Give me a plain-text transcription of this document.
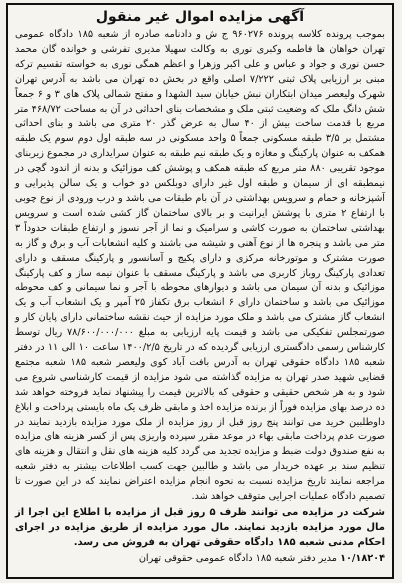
آگهی مزایده اموال غیر منقول

بموجب پرونده کلاسه پرونده ۹۶۰۲۷۶ ج ش و دادنامه صادره از شعبه ۱۸۵ دادگاه عمومی تهران خواهان ها فاطمه وکبری نوری به وکالت سهیلا مدیری تفرشی و خوانده گان محمد حسن نوری و جواد و عباس و علی اکبر وزهرا و اعظم همگی نوری به خواسته تقسیم ترکه مبنی بر ارزیابی پلاک ثبتی ۷/۲۲۲ اصلی واقع در بخش ده تهران می باشد به آدرس تهران شهرک ولیعصر میدان ابتکاران نبش خیابان سید الشهدا و مفتح شمالی پلاک های ۳ و ۶ جمعاً شش دانگ ملک که وضعیت ثبتی ملک و مشخصات بنای احداثی در آن به مساحت ۴۶۸/۷۲ متر مربع با قدمت ساخت بیش از ۴۰ سال به عرض گذر ۲۰ متری می باشد و بنای احداثی مشتمل بر ۳/۵ طبقه مسکونی جمعاً ۵ واحد مسکونی در سه طبقه اول دوم سوم یک طبقه همکف به عنوان پارکینگ و مغازه و یک طبقه نیم طبقه به عنوان سرایداری در مجموع زیربنای موجود تقریبی ۸۸۰ متر مربع که طبقه همکف و پوشش کف موزائیک و بدنه از اندود گچی در نیمطبقه ای از سیمان و طبقه اول غیر دارای دوبلکس دو خواب و یک سالن پذیرایی و آشپزخانه و حمام و سرویس بهداشتی در آن بام طبقات می باشد و درب ورودی از نوع چوبی با ارتفاع ۲ متری با پوشش ایرانیت و بر بالای ساختمان گاز کشی شده است و سرویس بهداشتی ساختمان به صورت کاشی و سرامیک و نما از آجر نسوز و ارتفاع طبقات حدوداً ۳ متر می باشد و پنجره ها از نوع آهنی و شیشه می باشند و کلیه انشعابات آب و برق و گاز به صورت مشترک و موتورخانه مرکزی و دارای پکیج و آسانسور و پارکینگ مسقف و دارای تعدادی پارکینگ روباز کاربری می باشد و پارکینگ مسقف با عنوان نیمه ساز و کف پارکینگ موزائیک و بدنه آن سیمان می باشد و دیوارهای محوطه با آجر و نما سیمانی و کف محوطه موزائیک می باشد و ساختمان دارای ۶ انشعاب برق تکفاز ۲۵ آمپر و یک انشعاب آب و یک انشعاب گاز مشترک می باشد و ملک مورد مزایده از حیث نقشه ساختمانی دارای پایان کار و صورتمجلس تفکیکی می باشد و قیمت پایه ارزیابی به مبلغ ۷۸/۶۰۰/۰۰۰/۰۰۰ ریال توسط کارشناس رسمی دادگستری ارزیابی گردیده که در تاریخ ۱۴۰۰/۲/۵ ساعت ۱۰ الی ۱۱ در دفتر شعبه ۱۸۵ دادگاه حقوقی تهران به آدرس بافت آباد کوی ولیعصر شعبه ۱۸۵ شعبه مجتمع قضایی شهید صدر تهران به مزایده گذاشته می شود مزایده از قیمت کارشناسی شروع می شود و به هر شخص حقیقی و حقوقی که بالاترین قیمت را پیشنهاد نماید فروخته خواهد شد ده درصد بهای مزایده فوراً از برنده مزایده اخذ و مابقی ظرف یک ماه بایستی پرداخت و ابلاغ داوطلبین خرید می توانند پنج روز قبل از روز مزایده از ملک مورد مزایده بازدید نمایند در صورت عدم پرداخت مابقی بهاء در موعد مقرر سپرده واریزی پس از کسر هزینه های مزایده به نفع صندوق دولت ضبط و مزایده تجدید می گردد کلیه هزینه های نقل و انتقال و هزینه های تنظیم سند بر عهده خریدار می باشد و طالبین جهت کسب اطلاعات بیشتر به دفتر شعبه مراجعه نمایند تاریخ مزایده نسبت به نحوه انجام مزایده اعتراض نمایند که در این صورت تا تصمیم دادگاه عملیات اجرایی متوقف خواهد شد.

شرکت در مزایده می توانند ظرف ۵ روز قبل از مزایده با اطلاع این اجرا از مال مورد مزایده بازدید نمایند. مال مورد مزایده از طریق مزایده در اجرای احکام مدنی شعبه ۱۸۵ دادگاه حقوقی تهران به فروش می رسد.

۱۰/۱۸۲۰۴ مدیر دفتر شعبه ۱۸۵ دادگاه عمومی حقوقی تهران
